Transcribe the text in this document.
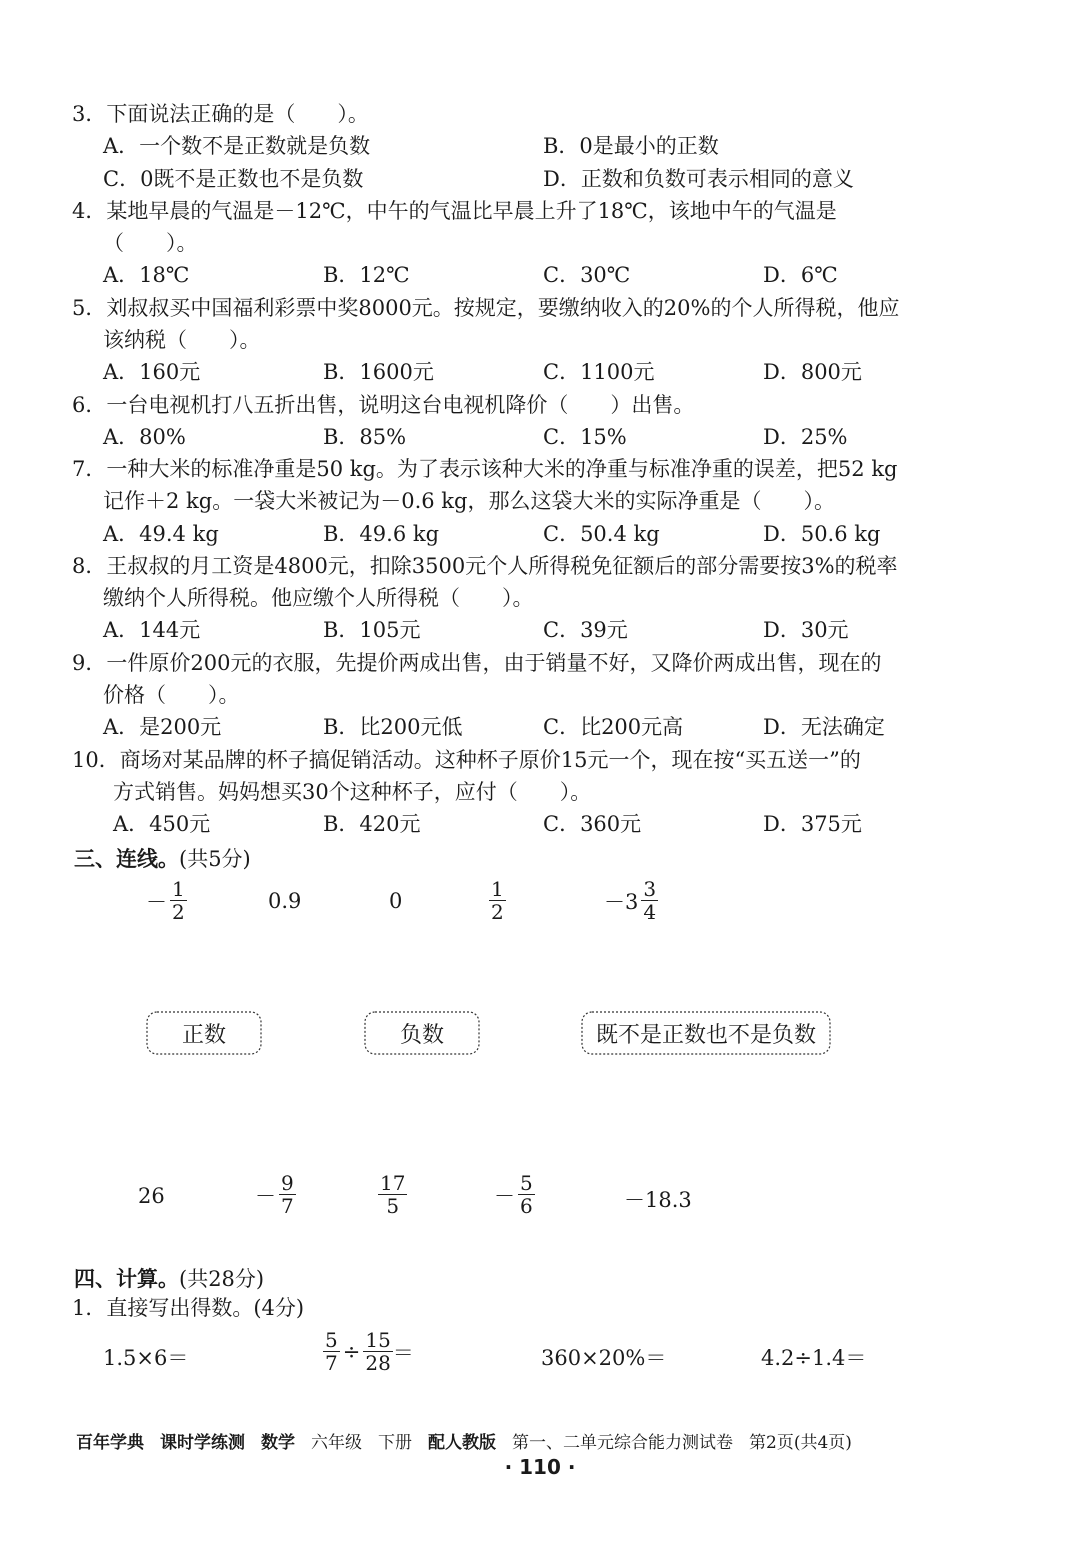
3．下面说法正确的是（　　）。
A．一个数不是正数就是负数	B．0是最小的正数
C．0既不是正数也不是负数	D．正数和负数可表示相同的意义
4．某地早晨的气温是－12℃，中午的气温比早晨上升了18℃，该地中午的气温是
（　　）。
A．18℃	B．12℃	C．30℃	D．6℃
5．刘叔叔买中国福利彩票中奖8000元。按规定，要缴纳收入的20%的个人所得税，他应
该纳税（　　）。
A．160元	B．1600元	C．1100元	D．800元
6．一台电视机打八五折出售，说明这台电视机降价（　　）出售。
A．80%	B．85%	C．15%	D．25%
7．一种大米的标准净重是50 kg。为了表示该种大米的净重与标准净重的误差，把52 kg
记作＋2 kg。一袋大米被记为－0.6 kg，那么这袋大米的实际净重是（　　）。
A．49.4 kg	B．49.6 kg	C．50.4 kg	D．50.6 kg
8．王叔叔的月工资是4800元，扣除3500元个人所得税免征额后的部分需要按3%的税率
缴纳个人所得税。他应缴个人所得税（　　）。
A．144元	B．105元	C．39元	D．30元
9．一件原价200元的衣服，先提价两成出售，由于销量不好，又降价两成出售，现在的
价格（　　）。
A．是200元	B．比200元低	C．比200元高	D．无法确定
10．商场对某品牌的杯子搞促销活动。这种杯子原价15元一个，现在按“买五送一”的
方式销售。妈妈想买30个这种杯子，应付（　　）。
A．450元	B．420元	C．360元	D．375元
三、连线。(共5分)
－ $\frac{1}{2}$	0.9	0	$\frac{1}{2}$	$-3 \frac{3}{4}$
正数	负数	既不是正数也不是负数
26	－ $\frac{9}{7}$	$\frac{17}{5}$	－ $\frac{5}{6}$	－18.3
四、计算。(共28分)
1．直接写出得数。(4分)
1.5×6＝	$\frac{5}{7} \div \frac{15}{28}$ ＝	360×20%＝	4.2÷1.4＝
百年学典 课时学练测 数学 六年级 下册 配人教版 第一、二单元综合能力测试卷 第2页(共4页)
· 110 ·
